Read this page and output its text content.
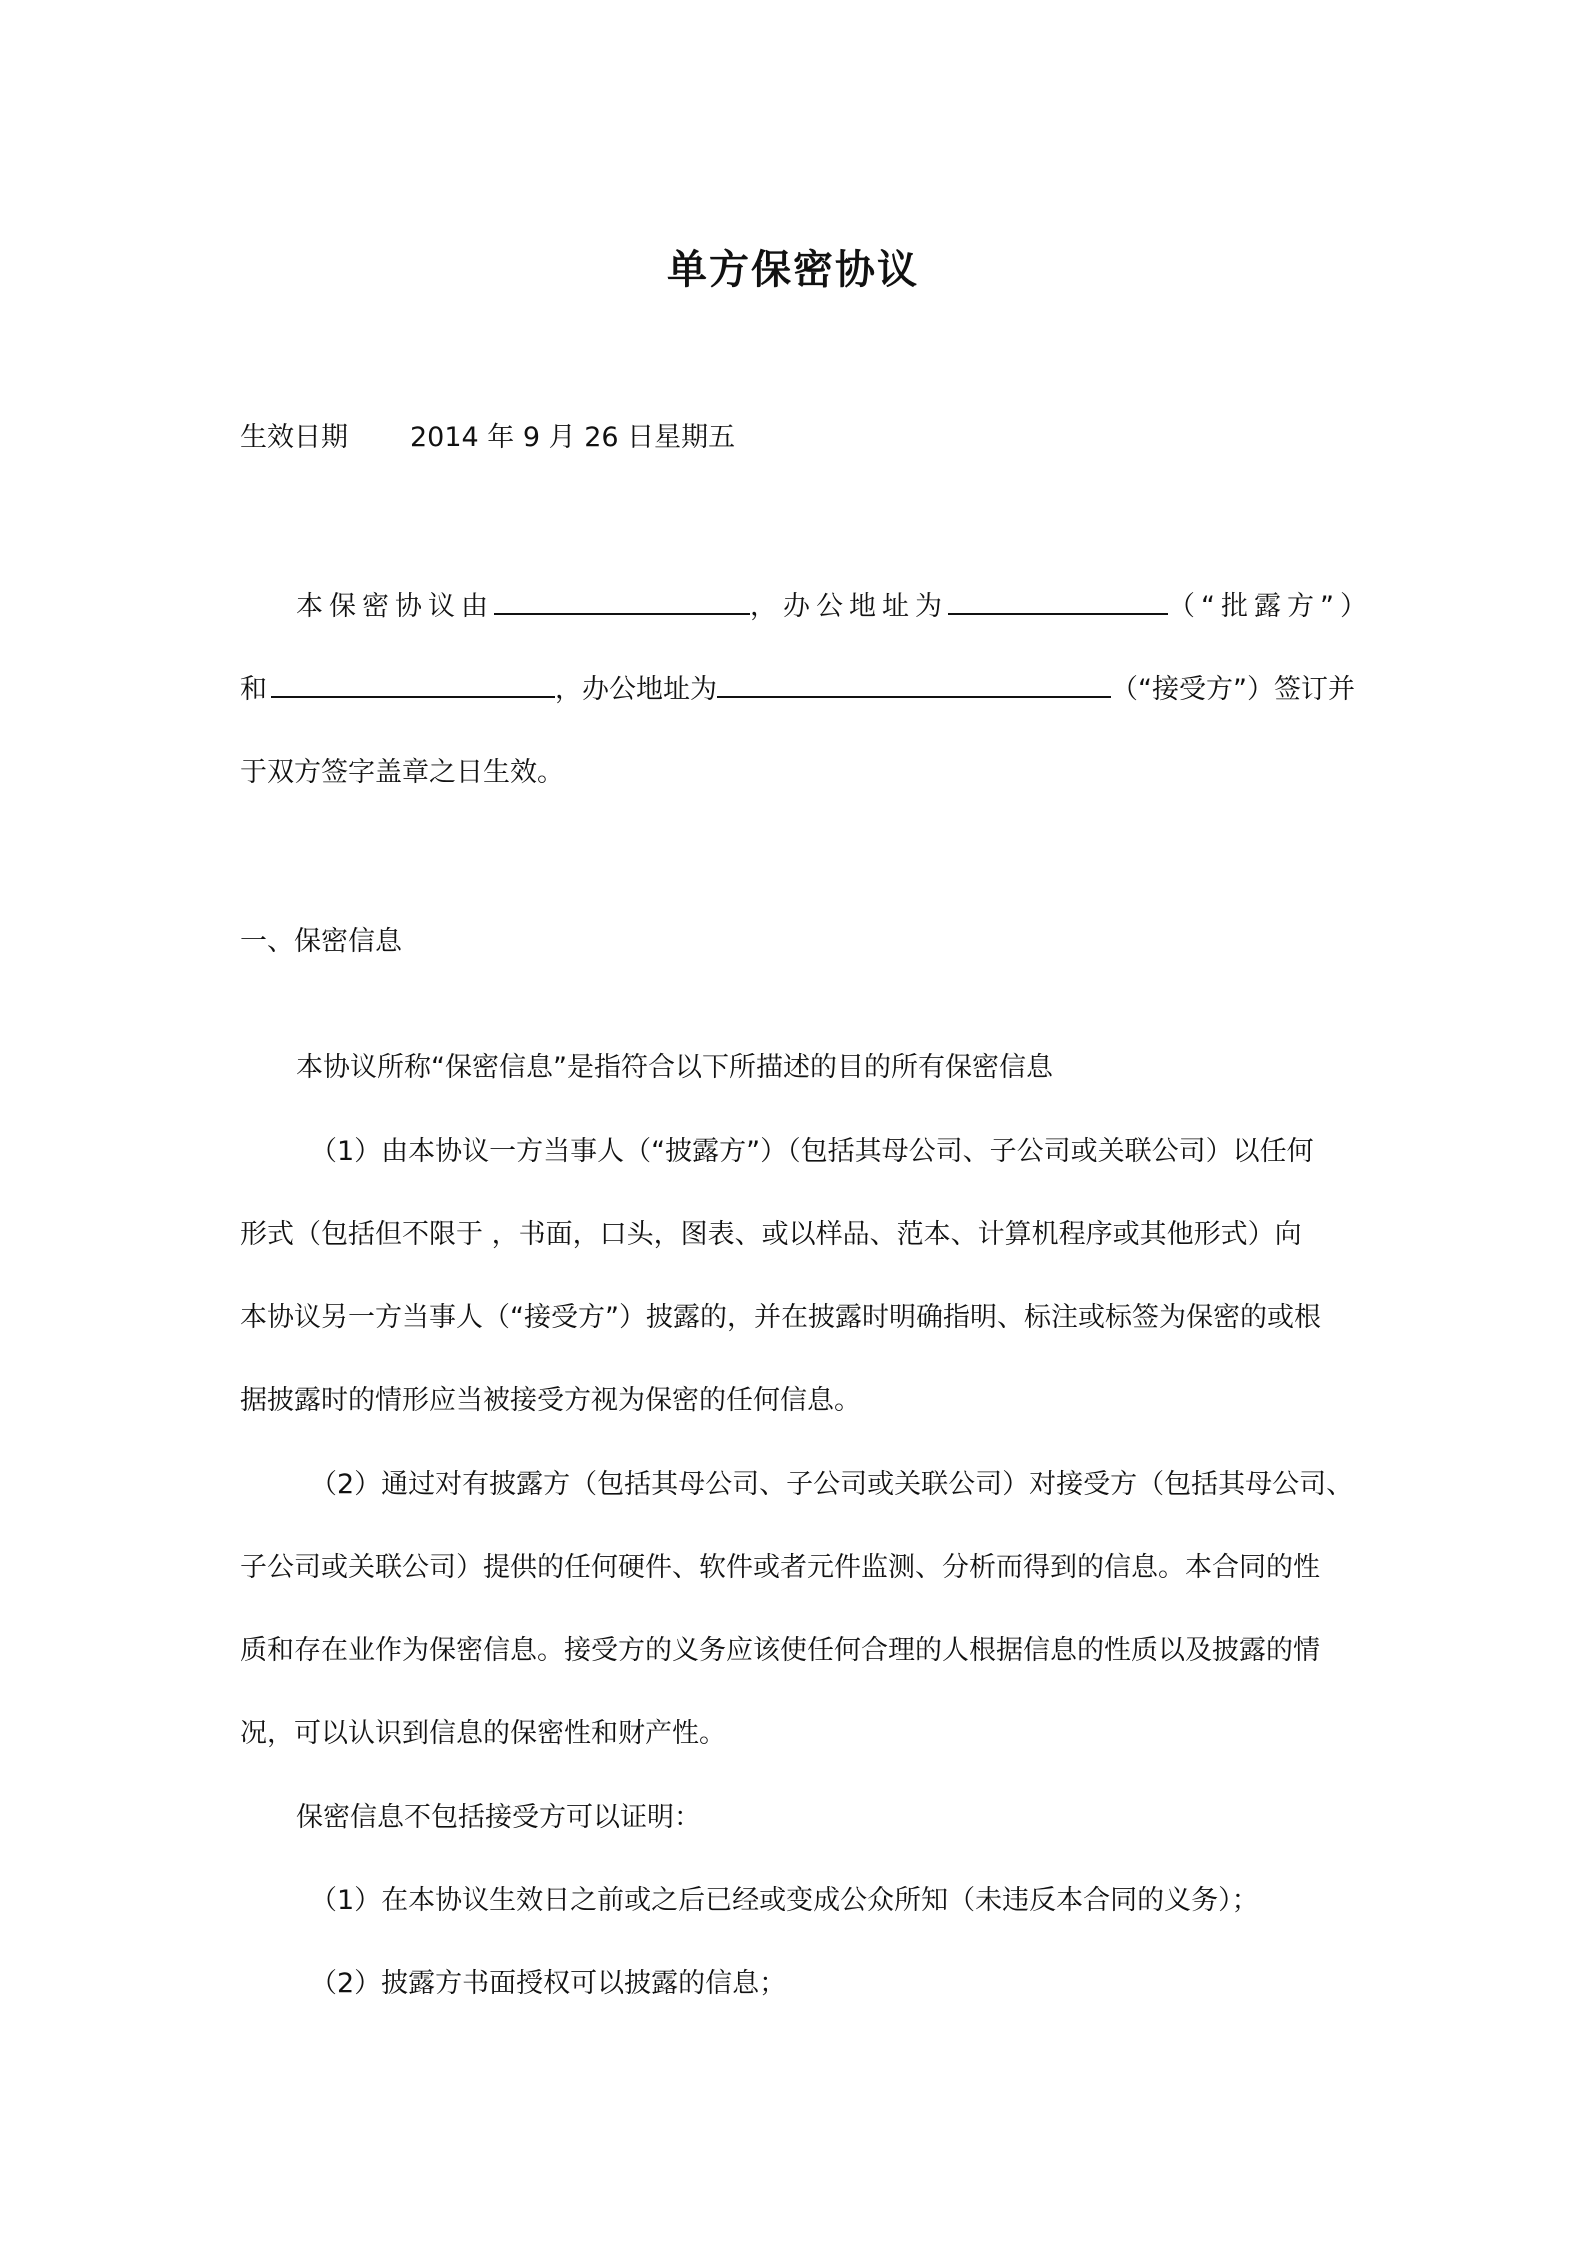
单方保密协议
生效日期 2014 年 9 月 26 日星期五
本保密协议由	，办公地址为	（“批露方”）
和	，办公地址为	（“接受方”）签订并
于双方签字盖章之日生效。
一、保密信息
本协议所称“保密信息”是指符合以下所描述的目的所有保密信息
（1）由本协议一方当事人（“披露方”）（包括其母公司、子公司或关联公司）以任何
形式（包括但不限于 ，书面，口头，图表、或以样品、范本、计算机程序或其他形式）向
本协议另一方当事人（“接受方”）披露的，并在披露时明确指明、标注或标签为保密的或根
据披露时的情形应当被接受方视为保密的任何信息。
（2）通过对有披露方（包括其母公司、子公司或关联公司）对接受方（包括其母公司、
子公司或关联公司）提供的任何硬件、软件或者元件监测、分析而得到的信息。本合同的性
质和存在业作为保密信息。接受方的义务应该使任何合理的人根据信息的性质以及披露的情
况，可以认识到信息的保密性和财产性。
保密信息不包括接受方可以证明：
（1）在本协议生效日之前或之后已经或变成公众所知（未违反本合同的义务）；
（2）披露方书面授权可以披露的信息；
